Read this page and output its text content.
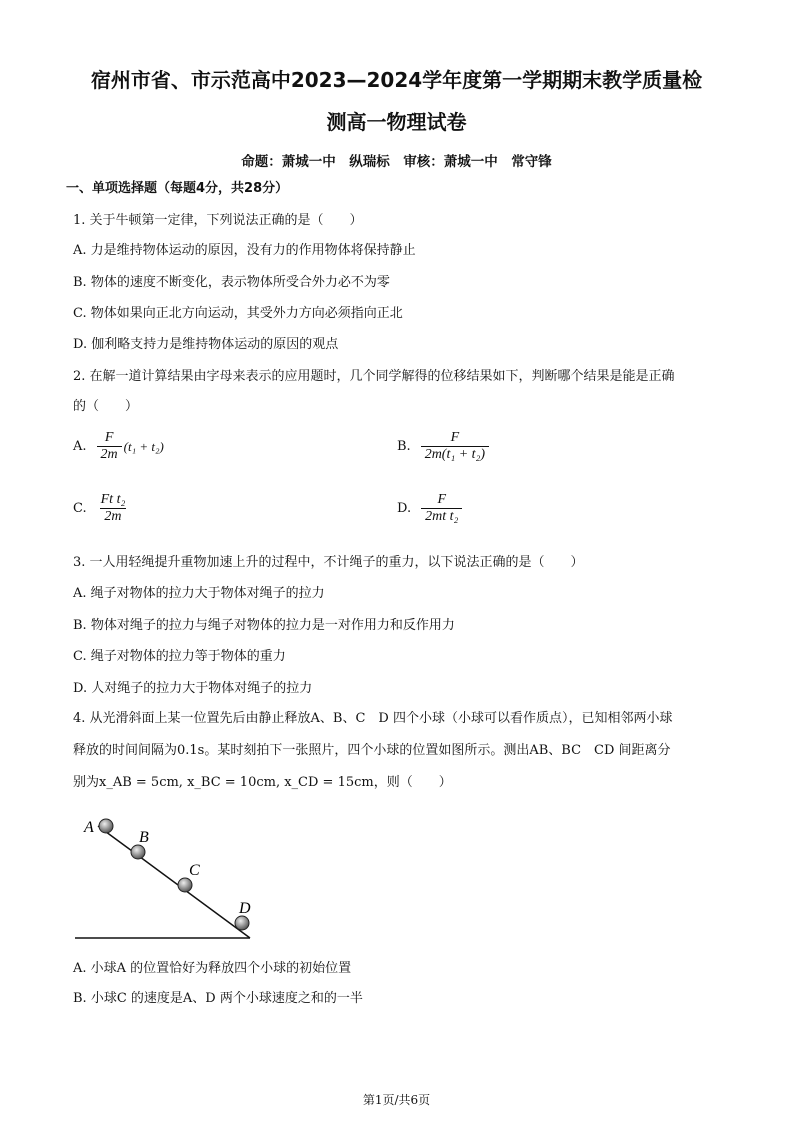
宿州市省、市示范高中2023—2024学年度第一学期期末教学质量检
测高一物理试卷
命题：萧城一中　纵瑞标　审核：萧城一中　常守锋
一、单项选择题（每题4分，共28分）
1. 关于牛顿第一定律，下列说法正确的是（　　）
A. 力是维持物体运动的原因，没有力的作用物体将保持静止
B. 物体的速度不断变化，表示物体所受合外力必不为零
C. 物体如果向正北方向运动，其受外力方向必须指向正北
D. 伽利略支持力是维持物体运动的原因的观点
2. 在解一道计算结果由字母来表示的应用题时，几个同学解得的位移结果如下，判断哪个结果是能是正确
的（　　）
A. $\frac{F}{2m} (t_1 + t_2)$	B. $\frac{F}{\text{2m(t₁ + t₂)}}$
C. $\frac{\text{Ft t₂}}{2m}$	D. $\frac{F}{\text{2mt t₂}}$
3. 一人用轻绳提升重物加速上升的过程中，不计绳子的重力，以下说法正确的是（　　）
A. 绳子对物体的拉力大于物体对绳子的拉力
B. 物体对绳子的拉力与绳子对物体的拉力是一对作用力和反作用力
C. 绳子对物体的拉力等于物体的重力
D. 人对绳子的拉力大于物体对绳子的拉力
4. 从光滑斜面上某一位置先后由静止释放A、B、C　D 四个小球（小球可以看作质点），已知相邻两小球
释放的时间间隔为0.1s。某时刻拍下一张照片，四个小球的位置如图所示。测出AB、BC　CD 间距离分
别为x_AB = 5cm, x_BC = 10cm, x_CD = 15cm，则（　　）
A
B
C
D
A. 小球A 的位置恰好为释放四个小球的初始位置
B. 小球C 的速度是A、D 两个小球速度之和的一半
第1页/共6页
